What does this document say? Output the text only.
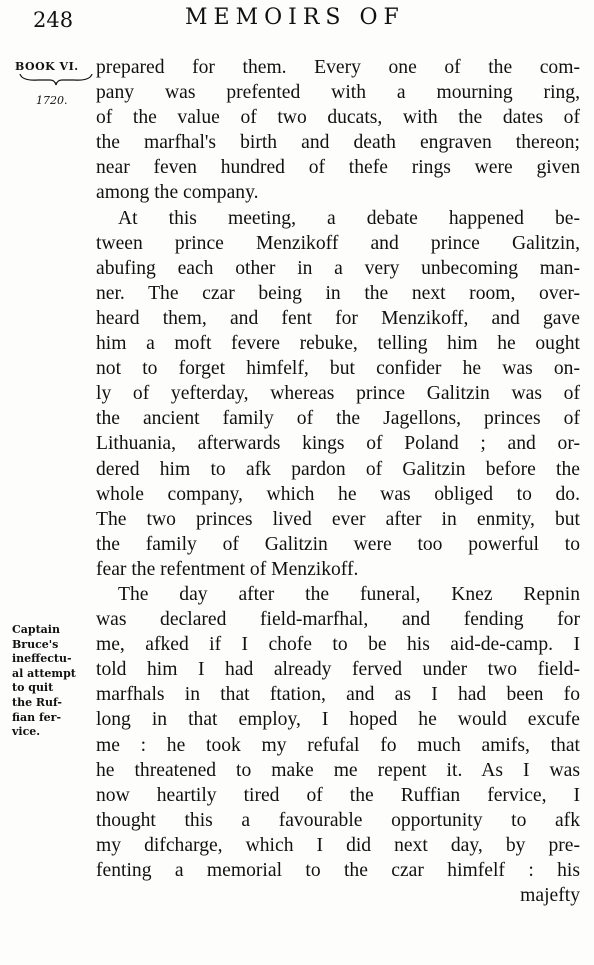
248	MEMOIRS OF
BOOK VI.
1720.
Captain
Bruce's
ineffectu-
al attempt
to quit
the Ruf-
fian fer-
vice.
prepared for them. Every one of the com-
pany was prefented with a mourning ring,
of the value of two ducats, with the dates of
the marfhal's birth and death engraven thereon;
near feven hundred of thefe rings were given
among the company.
At this meeting, a debate happened be-
tween prince Menzikoff and prince Galitzin,
abufing each other in a very unbecoming man-
ner. The czar being in the next room, over-
heard them, and fent for Menzikoff, and gave
him a moft fevere rebuke, telling him he ought
not to forget himfelf, but confider he was on-
ly of yefterday, whereas prince Galitzin was of
the ancient family of the Jagellons, princes of
Lithuania, afterwards kings of Poland ; and or-
dered him to afk pardon of Galitzin before the
whole company, which he was obliged to do.
The two princes lived ever after in enmity, but
the family of Galitzin were too powerful to
fear the refentment of Menzikoff.
The day after the funeral, Knez Repnin
was declared field-marfhal, and fending for
me, afked if I chofe to be his aid-de-camp. I
told him I had already ferved under two field-
marfhals in that ftation, and as I had been fo
long in that employ, I hoped he would excufe
me : he took my refufal fo much amifs, that
he threatened to make me repent it. As I was
now heartily tired of the Ruffian fervice, I
thought this a favourable opportunity to afk
my difcharge, which I did next day, by pre-
fenting a memorial to the czar himfelf : his
majefty
